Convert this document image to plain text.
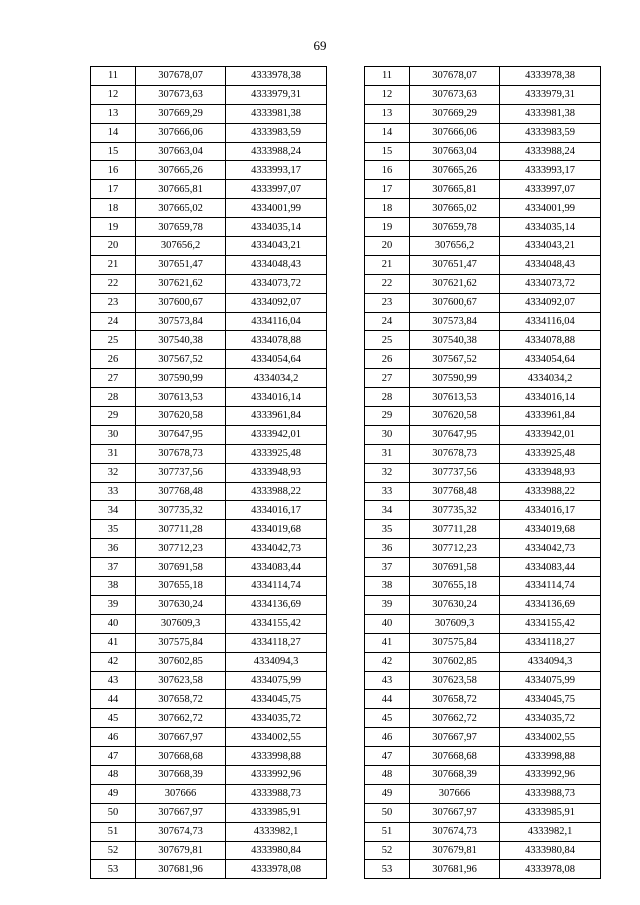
69
11	307678,07	4333978,38
12	307673,63	4333979,31
13	307669,29	4333981,38
14	307666,06	4333983,59
15	307663,04	4333988,24
16	307665,26	4333993,17
17	307665,81	4333997,07
18	307665,02	4334001,99
19	307659,78	4334035,14
20	307656,2	4334043,21
21	307651,47	4334048,43
22	307621,62	4334073,72
23	307600,67	4334092,07
24	307573,84	4334116,04
25	307540,38	4334078,88
26	307567,52	4334054,64
27	307590,99	4334034,2
28	307613,53	4334016,14
29	307620,58	4333961,84
30	307647,95	4333942,01
31	307678,73	4333925,48
32	307737,56	4333948,93
33	307768,48	4333988,22
34	307735,32	4334016,17
35	307711,28	4334019,68
36	307712,23	4334042,73
37	307691,58	4334083,44
38	307655,18	4334114,74
39	307630,24	4334136,69
40	307609,3	4334155,42
41	307575,84	4334118,27
42	307602,85	4334094,3
43	307623,58	4334075,99
44	307658,72	4334045,75
45	307662,72	4334035,72
46	307667,97	4334002,55
47	307668,68	4333998,88
48	307668,39	4333992,96
49	307666	4333988,73
50	307667,97	4333985,91
51	307674,73	4333982,1
52	307679,81	4333980,84
53	307681,96	4333978,08
11	307678,07	4333978,38
12	307673,63	4333979,31
13	307669,29	4333981,38
14	307666,06	4333983,59
15	307663,04	4333988,24
16	307665,26	4333993,17
17	307665,81	4333997,07
18	307665,02	4334001,99
19	307659,78	4334035,14
20	307656,2	4334043,21
21	307651,47	4334048,43
22	307621,62	4334073,72
23	307600,67	4334092,07
24	307573,84	4334116,04
25	307540,38	4334078,88
26	307567,52	4334054,64
27	307590,99	4334034,2
28	307613,53	4334016,14
29	307620,58	4333961,84
30	307647,95	4333942,01
31	307678,73	4333925,48
32	307737,56	4333948,93
33	307768,48	4333988,22
34	307735,32	4334016,17
35	307711,28	4334019,68
36	307712,23	4334042,73
37	307691,58	4334083,44
38	307655,18	4334114,74
39	307630,24	4334136,69
40	307609,3	4334155,42
41	307575,84	4334118,27
42	307602,85	4334094,3
43	307623,58	4334075,99
44	307658,72	4334045,75
45	307662,72	4334035,72
46	307667,97	4334002,55
47	307668,68	4333998,88
48	307668,39	4333992,96
49	307666	4333988,73
50	307667,97	4333985,91
51	307674,73	4333982,1
52	307679,81	4333980,84
53	307681,96	4333978,08
